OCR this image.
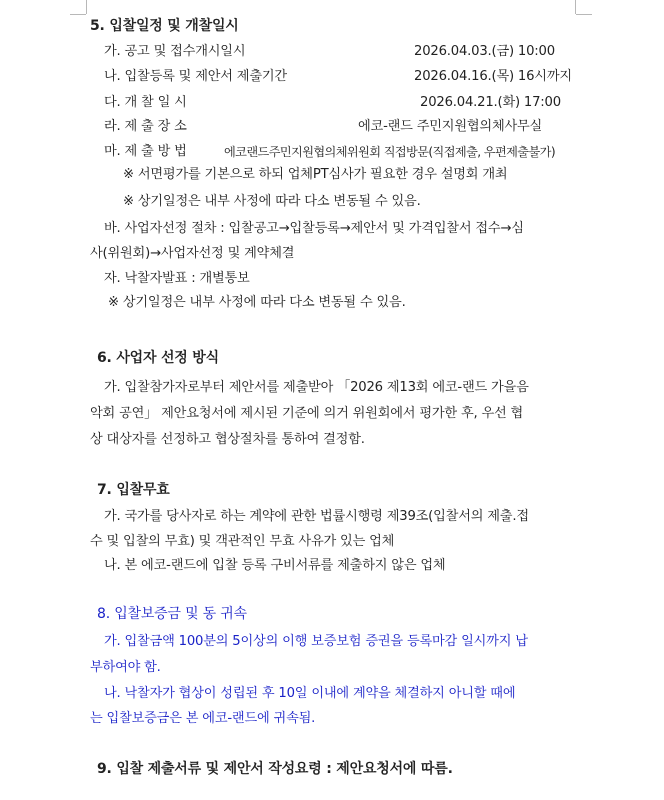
5. 입찰일정 및 개찰일시
가. 공고 및 접수개시일시	2026.04.03.(금) 10:00
나. 입찰등록 및 제안서 제출기간	2026.04.16.(목) 16시까지
다. 개 찰 일 시	2026.04.21.(화) 17:00
라. 제 출 장 소	에코-랜드 주민지원협의체사무실
마. 제 출 방 법	에코랜드주민지원협의체위원회 직접방문(직접제출, 우편제출불가)
※ 서면평가를 기본으로 하되 업체PT심사가 필요한 경우 설명회 개최
※ 상기일정은 내부 사정에 따라 다소 변동될 수 있음.
바. 사업자선정 절차 : 입찰공고→입찰등록→제안서 및 가격입찰서 접수→심
사(위원회)→사업자선정 및 계약체결
자. 낙찰자발표 : 개별통보
※ 상기일정은 내부 사정에 따라 다소 변동될 수 있음.
6. 사업자 선정 방식
가. 입찰참가자로부터 제안서를 제출받아 「2026 제13회 에코-랜드 가을음
악회 공연」 제안요청서에 제시된 기준에 의거 위원회에서 평가한 후, 우선 협
상 대상자를 선정하고 협상절차를 통하여 결정함.
7. 입찰무효
가. 국가를 당사자로 하는 계약에 관한 법률시행령 제39조(입찰서의 제출.접
수 및 입찰의 무효) 및 객관적인 무효 사유가 있는 업체
나. 본 에코-랜드에 입찰 등록 구비서류를 제출하지 않은 업체
8. 입찰보증금 및 동 귀속
가. 입찰금액 100분의 5이상의 이행 보증보험 증권을 등록마감 일시까지 납
부하여야 함.
나. 낙찰자가 협상이 성립된 후 10일 이내에 계약을 체결하지 아니할 때에
는 입찰보증금은 본 에코-랜드에 귀속됨.
9. 입찰 제출서류 및 제안서 작성요령 : 제안요청서에 따름.
